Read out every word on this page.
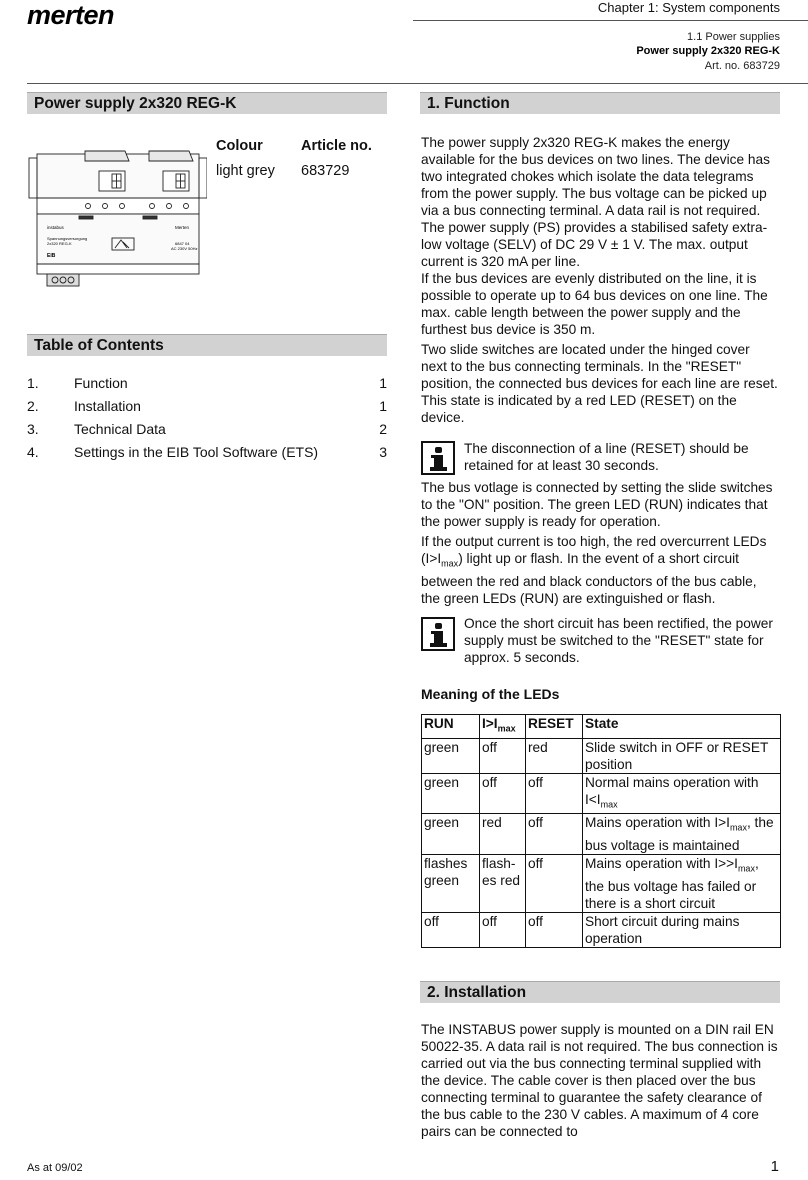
merten	Chapter 1: System components
1.1 Power supplies
Power supply 2x320 REG-K
Art. no. 683729
Power supply 2x320 REG-K
instabus	Merten
Spannungsversorgung
2x320 REG-K	6847 04
AC 230V 50Hz
EIB
Colour	Article no.
light grey 683729
Table of Contents
1.	Function	1
2.	Installation	1
3.	Technical Data	2
4.	Settings in the EIB Tool Software (ETS)	3
1. Function
The power supply 2x320 REG-K makes the energy available for the bus devices on two lines. The device has two integrated chokes which isolate the data telegrams from the power supply. The bus voltage can be picked up via a bus connecting terminal. A data rail is not required. The power supply (PS) provides a stabilised safety extra-low voltage (SELV) of DC 29 V ± 1 V. The max. output current is 320 mA per line.
If the bus devices are evenly distributed on the line, it is possible to operate up to 64 bus devices on one line. The max. cable length between the power supply and the furthest bus device is 350 m.
Two slide switches are located under the hinged cover next to the bus connecting terminals. In the "RESET" position, the connected bus devices for each line are reset. This state is indicated by a red LED (RESET) on the device.
The disconnection of a line (RESET) should be retained for at least 30 seconds.
The bus votlage is connected by setting the slide switches to the "ON" position. The green LED (RUN) indicates that the power supply is ready for operation.
If the output current is too high, the red overcurrent LEDs $(I>I_{max})$ light up or flash. In the event of a short circuit between the red and black conductors of the bus cable, the green LEDs (RUN) are extinguished or flash.
Once the short circuit has been rectified, the power supply must be switched to the "RESET" state for approx. 5 seconds.
Meaning of the LEDs
RUN	$I>I_{max}$	RESET	State
green	off	red	Slide switch in OFF or RESET position
green	off	off	Normal mains operation with $I<I_{max}$
green	red	off	Mains operation with $I>I_{max}$, the bus voltage is maintained
flashes green	flash-es red	off	Mains operation with $I>>I_{max}$, the bus voltage has failed or there is a short circuit
off	off	off	Short circuit during mains operation
2. Installation
The INSTABUS power supply is mounted on a DIN rail EN 50022-35. A data rail is not required. The bus connection is carried out via the bus connecting terminal supplied with the device. The cable cover is then placed over the bus connecting terminal to guarantee the safety clearance of the bus cable to the 230 V cables. A maximum of 4 core pairs can be connected to
As at 09/02	1
